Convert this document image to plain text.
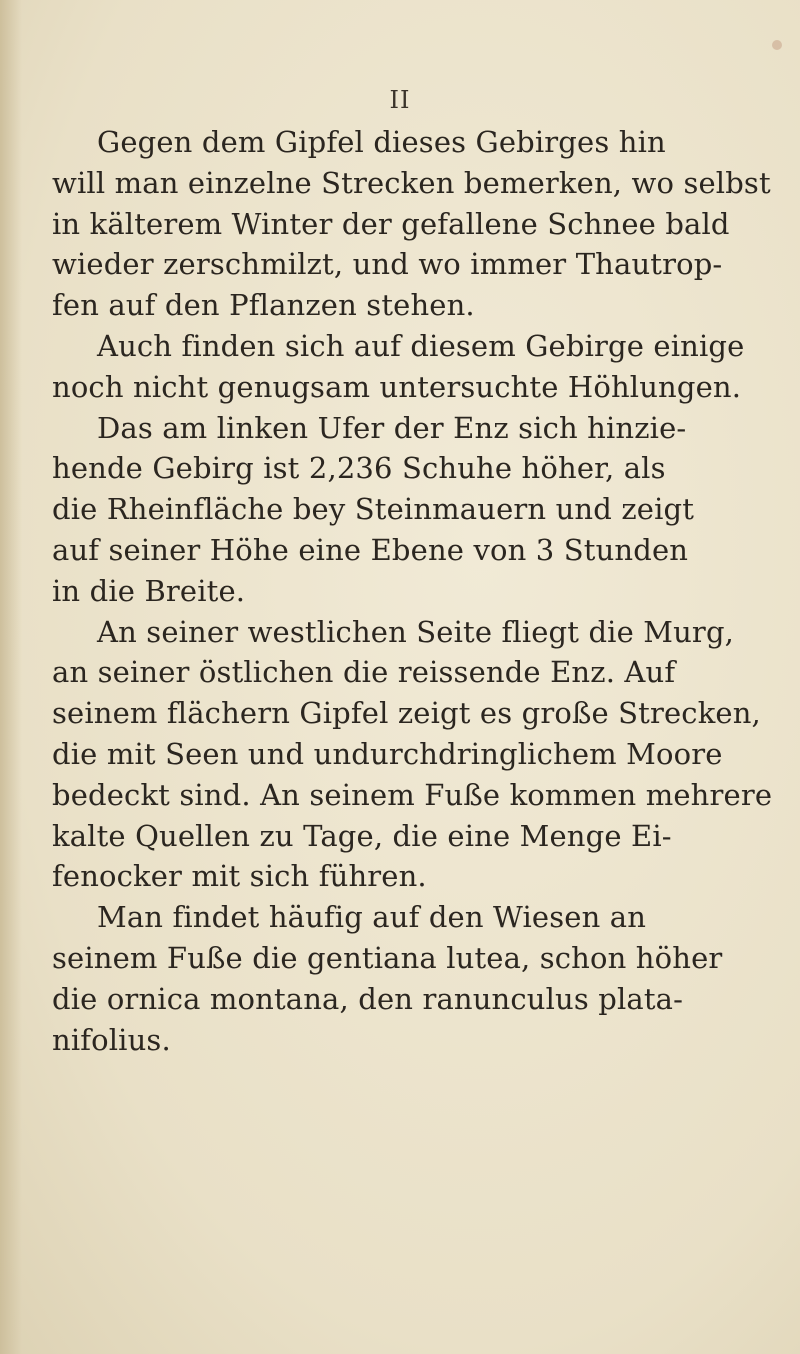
II
Gegen dem Gipfel dieses Gebirges hin
will man einzelne Strecken bemerken, wo selbst
in kälterem Winter der gefallene Schnee bald
wieder zerschmilzt, und wo immer Thautrop-
fen auf den Pflanzen stehen.
Auch finden sich auf diesem Gebirge einige
noch nicht genugsam untersuchte Höhlungen.
Das am linken Ufer der Enz sich hinzie-
hende Gebirg ist 2,236 Schuhe höher, als
die Rheinfläche bey Steinmauern und zeigt
auf seiner Höhe eine Ebene von 3 Stunden
in die Breite.
An seiner westlichen Seite fliegt die Murg,
an seiner östlichen die reissende Enz. Auf
seinem flächern Gipfel zeigt es große Strecken,
die mit Seen und undurchdringlichem Moore
bedeckt sind. An seinem Fuße kommen mehrere
kalte Quellen zu Tage, die eine Menge Ei-
fenocker mit sich führen.
Man findet häufig auf den Wiesen an
seinem Fuße die gentiana lutea, schon höher
die ornica montana, den ranunculus plata-
nifolius.
